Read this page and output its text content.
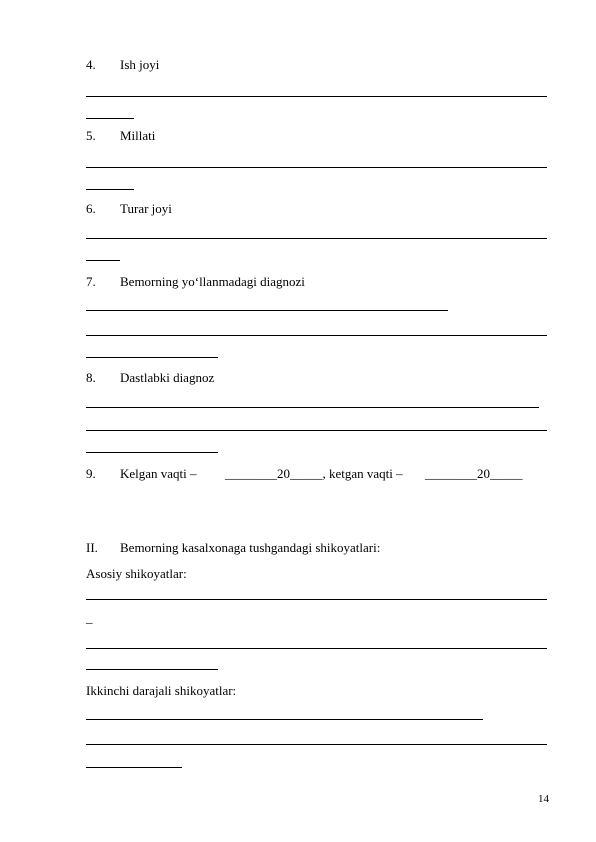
4. Ish joyi
5. Millati
6. Turar joyi
7. Bemorning yo‘llanmadagi diagnozi
8. Dastlabki diagnoz
9. Kelgan vaqti – ________20_____, ketgan vaqti – ________20_____
II. Bemorning kasalxonaga tushgandagi shikoyatlari:
Asosiy shikoyatlar:
_
Ikkinchi darajali shikoyatlar:
14
